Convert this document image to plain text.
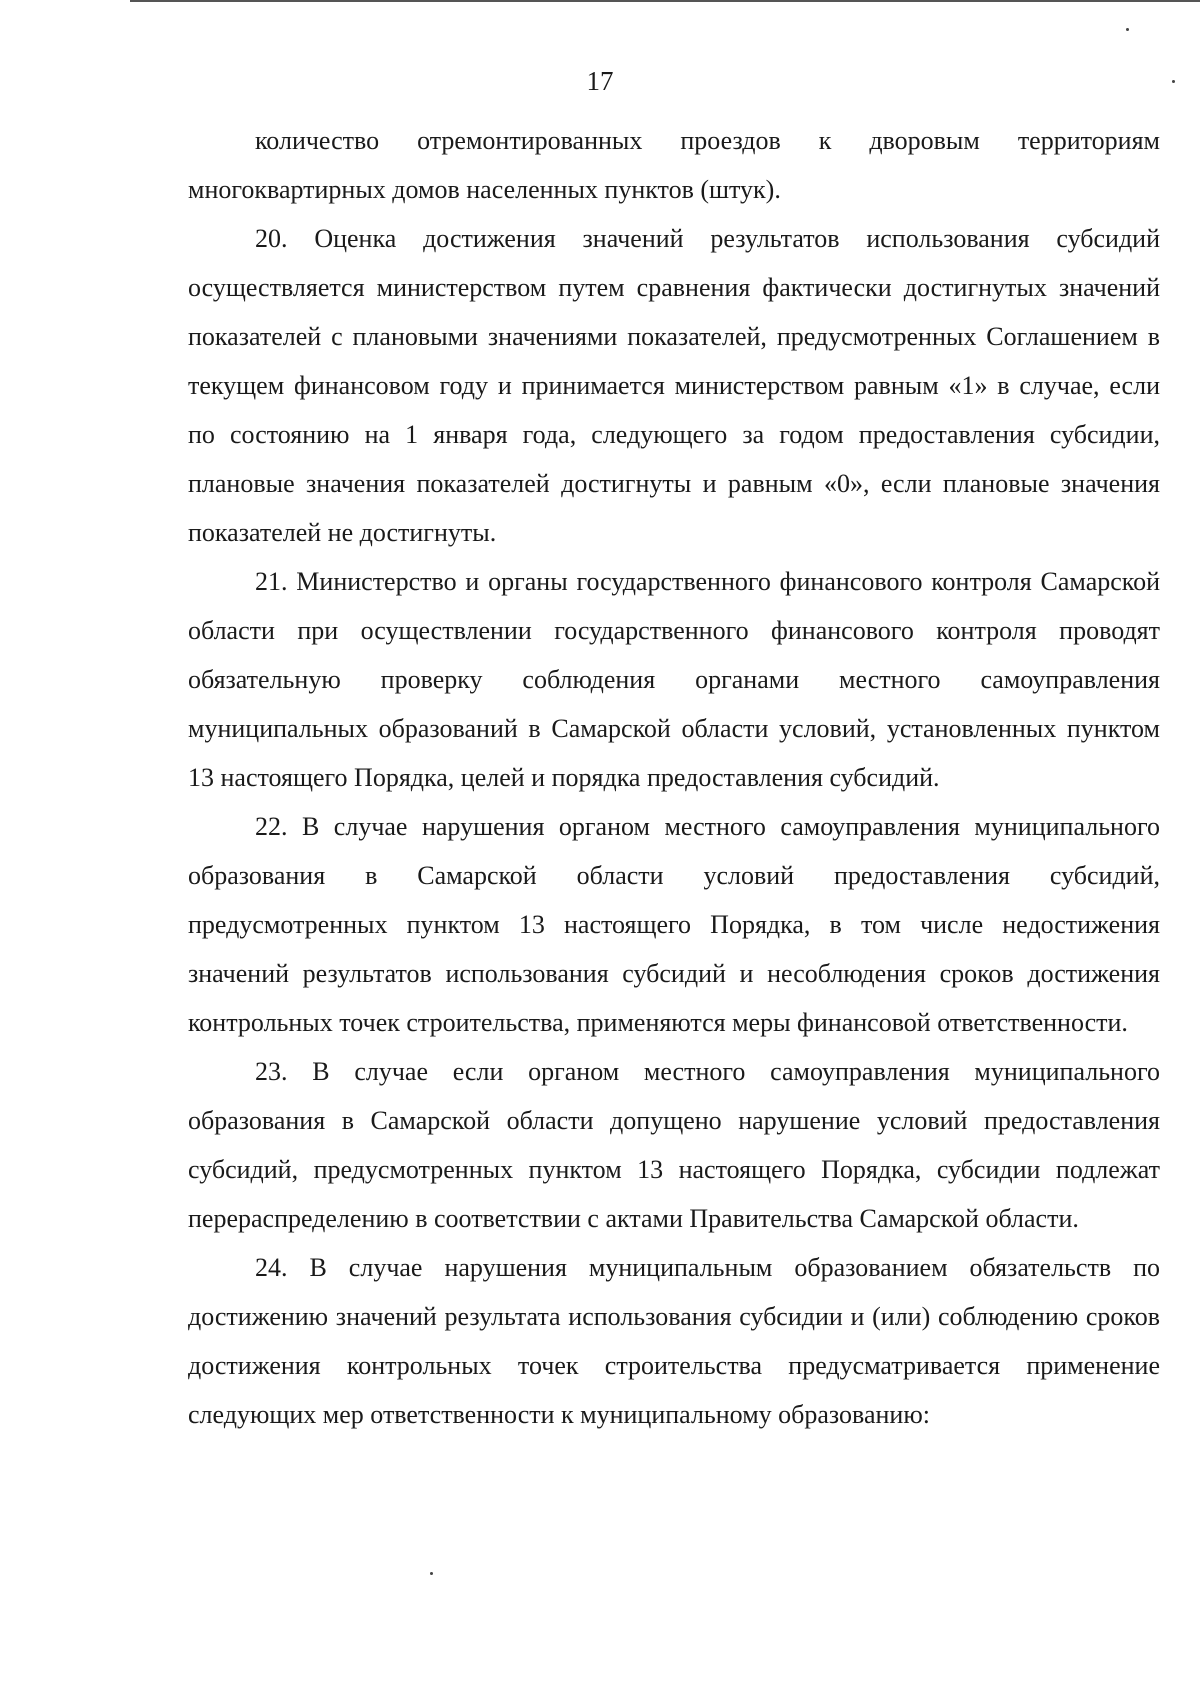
17

количество отремонтированных проездов к дворовым территориям многоквартирных домов населенных пунктов (штук).

20. Оценка достижения значений результатов использования субсидий осуществляется министерством путем сравнения фактически достигнутых значений показателей с плановыми значениями показателей, предусмотренных Соглашением в текущем финансовом году и принимается министерством равным «1» в случае, если по состоянию на 1 января года, следующего за годом предоставления субсидии, плановые значения показателей достигнуты и равным «0», если плановые значения показателей не достигнуты.

21. Министерство и органы государственного финансового контроля Самарской области при осуществлении государственного финансового контроля проводят обязательную проверку соблюдения органами местного самоуправления муниципальных образований в Самарской области условий, установленных пунктом 13 настоящего Порядка, целей и порядка предоставления субсидий.

22. В случае нарушения органом местного самоуправления муниципального образования в Самарской области условий предоставления субсидий, предусмотренных пунктом 13 настоящего Порядка, в том числе недостижения значений результатов использования субсидий и несоблюдения сроков достижения контрольных точек строительства, применяются меры финансовой ответственности.

23. В случае если органом местного самоуправления муниципального образования в Самарской области допущено нарушение условий предоставления субсидий, предусмотренных пунктом 13 настоящего Порядка, субсидии подлежат перераспределению в соответствии с актами Правительства Самарской области.

24. В случае нарушения муниципальным образованием обязательств по достижению значений результата использования субсидии и (или) соблюдению сроков достижения контрольных точек строительства предусматривается применение следующих мер ответственности к муниципальному образованию:
